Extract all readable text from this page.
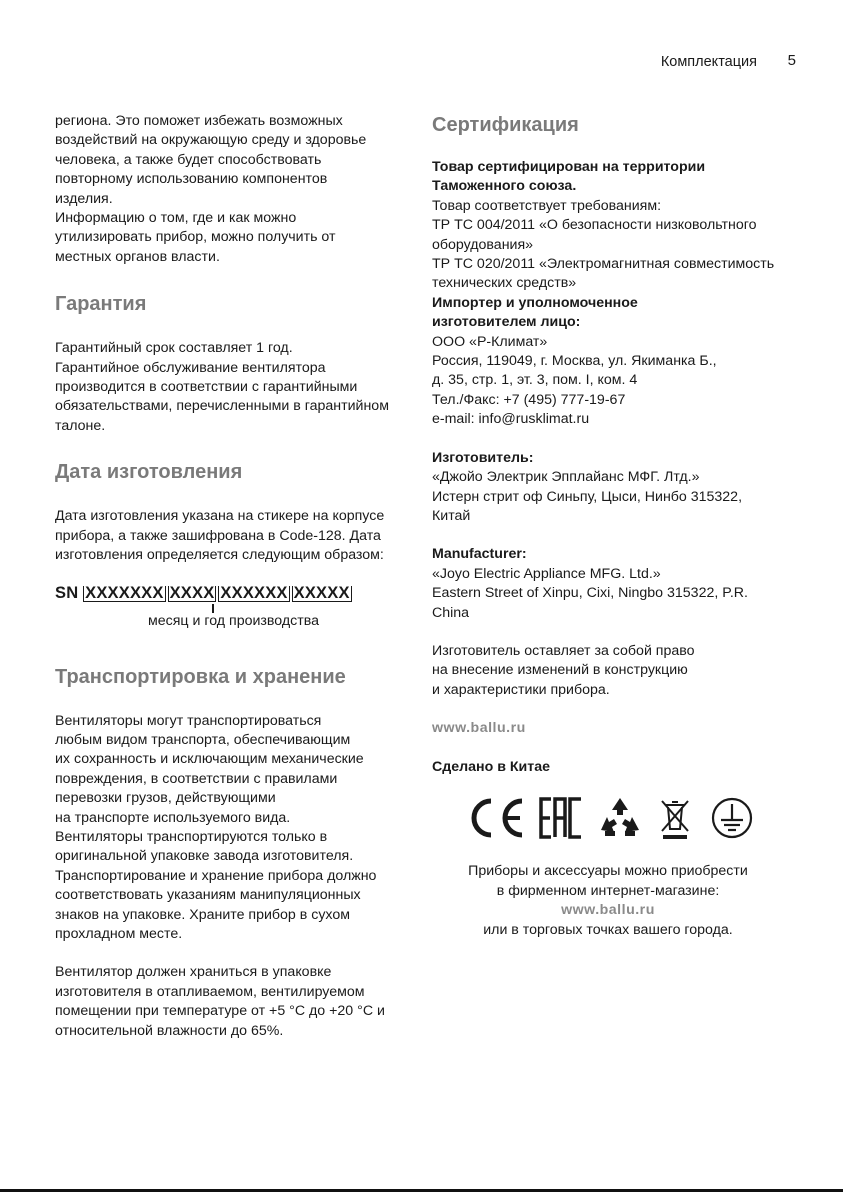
Комплектация 5

региона. Это поможет избежать возможных

воздействий на окружающую среду и здоровье

человека, а также будет способствовать

повторному использованию компонентов

изделия.

Информацию о том, где и как можно

утилизировать прибор, можно получить от

местных органов власти.

Гарантия

Гарантийный срок составляет 1 год.

Гарантийное обслуживание вентилятора

производится в соответствии с гарантийными

обязательствами, перечисленными в гарантийном

талоне.

Дата изготовления

Дата изготовления указана на стикере на корпусе

прибора, а также зашифрована в Code-128. Дата

изготовления определяется следующим образом:

SN XXXXXXX XXXX XXXXXX XXXXX
месяц и год производства
Транспортировка и хранение

Вентиляторы могут транспортироваться

любым видом транспорта, обеспечивающим

их сохранность и исключающим механические

повреждения, в соответствии с правилами

перевозки грузов, действующими

на транспорте используемого вида.

Вентиляторы транспортируются только в

оригинальной упаковке завода изготовителя.

Транспортирование и хранение прибора должно

соответствовать указаниям манипуляционных

знаков на упаковке. Храните прибор в сухом

прохладном месте.

Вентилятор должен храниться в упаковке

изготовителя в отапливаемом, вентилируемом

помещении при температуре от +5 °С до +20 °С и

относительной влажности до 65%.

Сертификация

Товар сертифицирован на территории

Таможенного союза.

Товар соответствует требованиям:

ТР ТС 004/2011 «О безопасности низковольтного

оборудования»

ТР ТС 020/2011 «Электромагнитная совместимость

технических средств»

Импортер и уполномоченное

изготовителем лицо:

ООО «Р-Климат»

Россия, 119049, г. Москва, ул. Якиманка Б.,

д. 35, стр. 1, эт. 3, пом. I, ком. 4

Тел./Факс: +7 (495) 777-19-67

e-mail: info@rusklimat.ru

Изготовитель:

«Джойо Электрик Эпплайанс МФГ. Лтд.»

Истерн стрит оф Синьпу, Цыси, Нинбо 315322,

Китай

Manufacturer:

«Joyo Electric Appliance MFG. Ltd.»

Eastern Street of Xinpu, Cixi, Ningbo 315322, P.R.

China

Изготовитель оставляет за собой право

на внесение изменений в конструкцию

и характеристики прибора.

www.ballu.ru

Сделано в Китае

Приборы и аксессуары можно приобрести

в фирменном интернет-магазине:

www.ballu.ru

или в торговых точках вашего города.
